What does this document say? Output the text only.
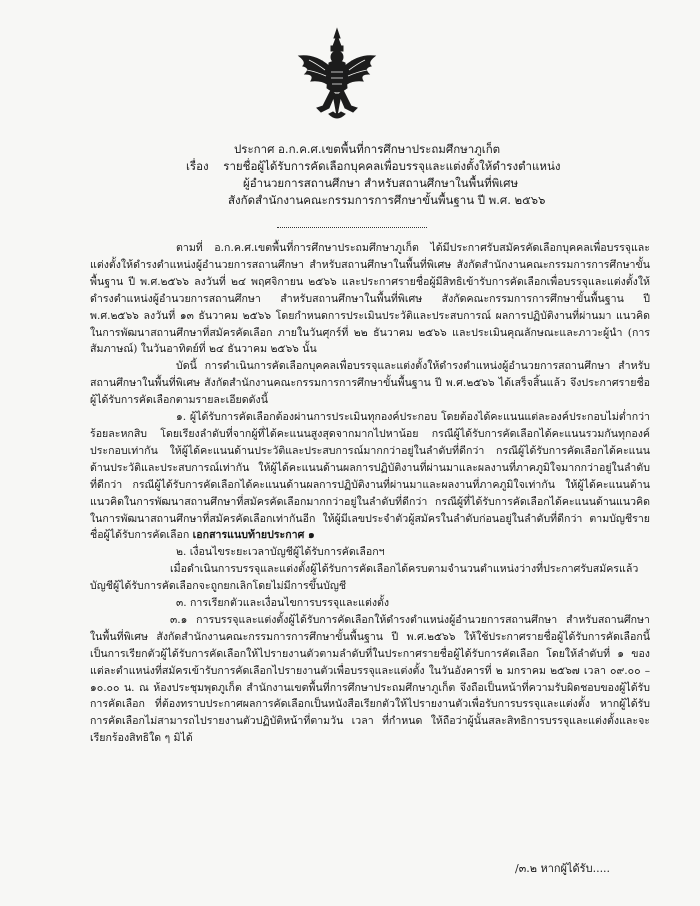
ประกาศ อ.ก.ค.ศ.เขตพื้นที่การศึกษาประถมศึกษาภูเก็ต
เรื่อง รายชื่อผู้ได้รับการคัดเลือกบุคคลเพื่อบรรจุและแต่งตั้งให้ดำรงตำแหน่ง
ผู้อำนวยการสถานศึกษา สำหรับสถานศึกษาในพื้นที่พิเศษ
สังกัดสำนักงานคณะกรรมการการศึกษาขั้นพื้นฐาน ปี พ.ศ. ๒๕๖๖

ตามที่ อ.ก.ค.ศ.เขตพื้นที่การศึกษาประถมศึกษาภูเก็ต ได้มีประกาศรับสมัครคัดเลือกบุคคลเพื่อบรรจุและแต่งตั้งให้ดำรงตำแหน่งผู้อำนวยการสถานศึกษา สำหรับสถานศึกษาในพื้นที่พิเศษ สังกัดสำนักงานคณะกรรมการการศึกษาขั้นพื้นฐาน ปี พ.ศ.๒๕๖๖ ลงวันที่ ๒๔ พฤศจิกายน ๒๕๖๖ และประกาศรายชื่อผู้มีสิทธิเข้ารับการคัดเลือกเพื่อบรรจุและแต่งตั้งให้ดำรงตำแหน่งผู้อำนวยการสถานศึกษา สำหรับสถานศึกษาในพื้นที่พิเศษ สังกัดคณะกรรมการการศึกษาขั้นพื้นฐาน ปี พ.ศ.๒๕๖๖ ลงวันที่ ๑๓ ธันวาคม ๒๕๖๖ โดยกำหนดการประเมินประวัติและประสบการณ์ ผลการปฏิบัติงานที่ผ่านมา แนวคิดในการพัฒนาสถานศึกษาที่สมัครคัดเลือก ภายในวันศุกร์ที่ ๒๒ ธันวาคม ๒๕๖๖ และประเมินคุณลักษณะและภาวะผู้นำ (การสัมภาษณ์) ในวันอาทิตย์ที่ ๒๔ ธันวาคม ๒๕๖๖ นั้น

บัดนี้ การดำเนินการคัดเลือกบุคคลเพื่อบรรจุและแต่งตั้งให้ดำรงตำแหน่งผู้อำนวยการสถานศึกษา สำหรับสถานศึกษาในพื้นที่พิเศษ สังกัดสำนักงานคณะกรรมการการศึกษาขั้นพื้นฐาน ปี พ.ศ.๒๕๖๖ ได้เสร็จสิ้นแล้ว จึงประกาศรายชื่อผู้ได้รับการคัดเลือกตามรายละเอียดดังนี้

๑. ผู้ได้รับการคัดเลือกต้องผ่านการประเมินทุกองค์ประกอบ โดยต้องได้คะแนนแต่ละองค์ประกอบไม่ต่ำกว่าร้อยละหกสิบ โดยเรียงลำดับที่จากผู้ที่ได้คะแนนสูงสุดจากมากไปหาน้อย กรณีผู้ได้รับการคัดเลือกได้คะแนนรวมกันทุกองค์ประกอบเท่ากัน ให้ผู้ได้คะแนนด้านประวัติและประสบการณ์มากกว่าอยู่ในลำดับที่ดีกว่า กรณีผู้ได้รับการคัดเลือกได้คะแนนด้านประวัติและประสบการณ์เท่ากัน ให้ผู้ได้คะแนนด้านผลการปฏิบัติงานที่ผ่านมาและผลงานที่ภาคภูมิใจมากกว่าอยู่ในลำดับที่ดีกว่า กรณีผู้ได้รับการคัดเลือกได้คะแนนด้านผลการปฏิบัติงานที่ผ่านมาและผลงานที่ภาคภูมิใจเท่ากัน ให้ผู้ได้คะแนนด้านแนวคิดในการพัฒนาสถานศึกษาที่สมัครคัดเลือกมากกว่าอยู่ในลำดับที่ดีกว่า กรณีผู้ที่ได้รับการคัดเลือกได้คะแนนด้านแนวคิดในการพัฒนาสถานศึกษาที่สมัครคัดเลือกเท่ากันอีก ให้ผู้มีเลขประจำตัวผู้สมัครในลำดับก่อนอยู่ในลำดับที่ดีกว่า ตามบัญชีรายชื่อผู้ได้รับการคัดเลือก เอกสารแนบท้ายประกาศ ๑

๒. เงื่อนไขระยะเวลาบัญชีผู้ได้รับการคัดเลือกฯ

เมื่อดำเนินการบรรจุและแต่งตั้งผู้ได้รับการคัดเลือกได้ครบตามจำนวนตำแหน่งว่างที่ประกาศรับสมัครแล้ว บัญชีผู้ได้รับการคัดเลือกจะถูกยกเลิกโดยไม่มีการขึ้นบัญชี

๓. การเรียกตัวและเงื่อนไขการบรรจุและแต่งตั้ง

๓.๑ การบรรจุและแต่งตั้งผู้ได้รับการคัดเลือกให้ดำรงตำแหน่งผู้อำนวยการสถานศึกษา สำหรับสถานศึกษาในพื้นที่พิเศษ สังกัดสำนักงานคณะกรรมการการศึกษาขั้นพื้นฐาน ปี พ.ศ.๒๕๖๖ ให้ใช้ประกาศรายชื่อผู้ได้รับการคัดเลือกนี้เป็นการเรียกตัวผู้ได้รับการคัดเลือกให้ไปรายงานตัวตามลำดับที่ในประกาศรายชื่อผู้ได้รับการคัดเลือก โดยให้ลำดับที่ ๑ ของแต่ละตำแหน่งที่สมัครเข้ารับการคัดเลือกไปรายงานตัวเพื่อบรรจุและแต่งตั้ง ในวันอังคารที่ ๒ มกราคม ๒๕๖๗ เวลา ๐๙.๐๐ – ๑๐.๐๐ น. ณ ห้องประชุมพุดภูเก็ต สำนักงานเขตพื้นที่การศึกษาประถมศึกษาภูเก็ต จึงถือเป็นหน้าที่ความรับผิดชอบของผู้ได้รับการคัดเลือก ที่ต้องทราบประกาศผลการคัดเลือกเป็นหนังสือเรียกตัวให้ไปรายงานตัวเพื่อรับการบรรจุและแต่งตั้ง หากผู้ได้รับการคัดเลือกไม่สามารถไปรายงานตัวปฏิบัติหน้าที่ตามวัน เวลา ที่กำหนด ให้ถือว่าผู้นั้นสละสิทธิการบรรจุและแต่งตั้งและจะเรียกร้องสิทธิใด ๆ มิได้

/๓.๒ หากผู้ได้รับ.....
